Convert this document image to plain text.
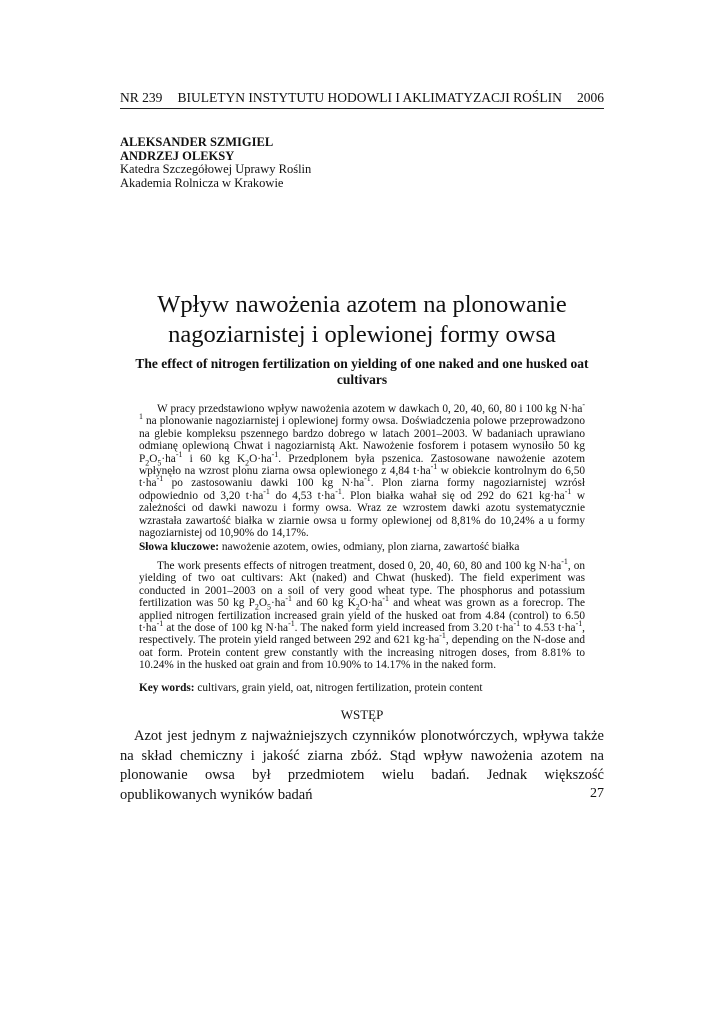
NR 239 BIULETYN INSTYTUTU HODOWLI I AKLIMATYZACJI ROŚLIN 2006
ALEKSANDER SZMIGIEL
ANDRZEJ OLEKSY
Katedra Szczegółowej Uprawy Roślin
Akademia Rolnicza w Krakowie
Wpływ nawożenia azotem na plonowanie
nagoziarnistej i oplewionej formy owsa
The effect of nitrogen fertilization on yielding of one naked and one husked oat cultivars

W pracy przedstawiono wpływ nawożenia azotem w dawkach 0, 20, 40, 60, 80 i 100 kg $N\cdot ha^{-1}$ na plonowanie nagoziarnistej i oplewionej formy owsa. Doświadczenia polowe przeprowadzono na glebie kompleksu pszennego bardzo dobrego w latach 2001–2003. W badaniach uprawiano odmianę oplewioną Chwat i nagoziarnistą Akt. Nawożenie fosforem i potasem wynosiło 50 kg $P_2O_5\cdot ha^{-1}$ i 60 kg $K_2O\cdot ha^{-1}$. Przedplonem była pszenica. Zastosowane nawożenie azotem wpłynęło na wzrost plonu ziarna owsa oplewionego z 4,84 $t\cdot ha^{-1}$ w obiekcie kontrolnym do 6,50 $t\cdot ha^{-1}$ po zastosowaniu dawki 100 kg $N\cdot ha^{-1}$. Plon ziarna formy nagoziarnistej wzrósł odpowiednio od 3,20 $t\cdot ha^{-1}$ do 4,53 $t\cdot ha^{-1}$. Plon białka wahał się od 292 do 621 $kg\cdot ha^{-1}$ w zależności od dawki nawozu i formy owsa. Wraz ze wzrostem dawki azotu systematycznie wzrastała zawartość białka w ziarnie owsa u formy oplewionej od 8,81% do 10,24% a u formy nagoziarnistej od 10,90% do 14,17%.

Słowa kluczowe: nawożenie azotem, owies, odmiany, plon ziarna, zawartość białka

The work presents effects of nitrogen treatment, dosed 0, 20, 40, 60, 80 and 100 kg $N\cdot ha^{-1}$, on yielding of two oat cultivars: Akt (naked) and Chwat (husked). The field experiment was conducted in 2001–2003 on a soil of very good wheat type. The phosphorus and potassium fertilization was 50 kg $P_2O_5\cdot ha^{-1}$ and 60 kg $K_2O\cdot ha^{-1}$ and wheat was grown as a forecrop. The applied nitrogen fertilization increased grain yield of the husked oat from 4.84 (control) to 6.50 $t\cdot ha^{-1}$ at the dose of 100 kg $N\cdot ha^{-1}$. The naked form yield increased from 3.20 $t\cdot ha^{-1}$ to 4.53 $t\cdot ha^{-1}$, respectively. The protein yield ranged between 292 and 621 $kg\cdot ha^{-1}$, depending on the N-dose and oat form. Protein content grew constantly with the increasing nitrogen doses, from 8.81% to 10.24% in the husked oat grain and from 10.90% to 14.17% in the naked form.

Key words: cultivars, grain yield, oat, nitrogen fertilization, protein content
WSTĘP

Azot jest jednym z najważniejszych czynników plonotwórczych, wpływa także na skład chemiczny i jakość ziarna zbóż. Stąd wpływ nawożenia azotem na plonowanie owsa był przedmiotem wielu badań. Jednak większość opublikowanych wyników badań	27
